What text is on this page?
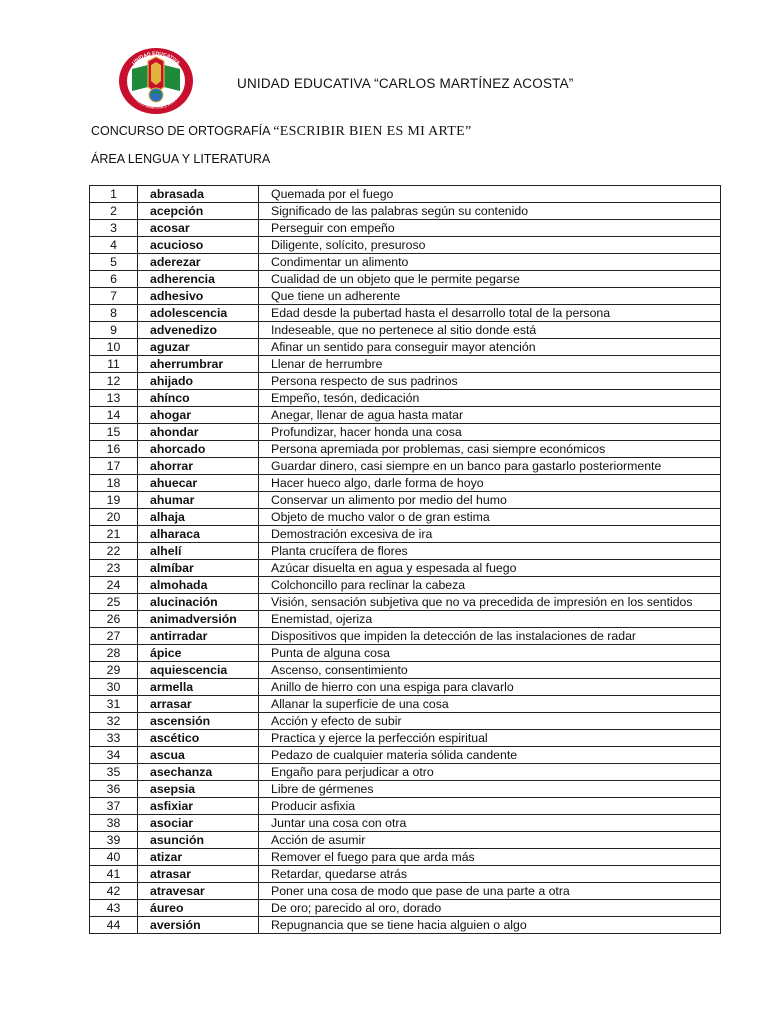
UNIDAD EDUCATIVA
CARLOS MARTÍNEZ ACOSTA
UNIDAD EDUCATIVA “CARLOS MARTÍNEZ ACOSTA”
CONCURSO DE ORTOGRAFÍA “ESCRIBIR BIEN ES MI ARTE”
ÁREA LENGUA Y LITERATURA
1	abrasada	Quemada por el fuego
2	acepción	Significado de las palabras según su contenido
3	acosar	Perseguir con empeño
4	acucioso	Diligente, solícito, presuroso
5	aderezar	Condimentar un alimento
6	adherencia	Cualidad de un objeto que le permite pegarse
7	adhesivo	Que tiene un adherente
8	adolescencia	Edad desde la pubertad hasta el desarrollo total de la persona
9	advenedizo	Indeseable, que no pertenece al sitio donde está
10	aguzar	Afinar un sentido para conseguir mayor atención
11	aherrumbrar	Llenar de herrumbre
12	ahijado	Persona respecto de sus padrinos
13	ahínco	Empeño, tesón, dedicación
14	ahogar	Anegar, llenar de agua hasta matar
15	ahondar	Profundizar, hacer honda una cosa
16	ahorcado	Persona apremiada por problemas, casi siempre económicos
17	ahorrar	Guardar dinero, casi siempre en un banco para gastarlo posteriormente
18	ahuecar	Hacer hueco algo, darle forma de hoyo
19	ahumar	Conservar un alimento por medio del humo
20	alhaja	Objeto de mucho valor o de gran estima
21	alharaca	Demostración excesiva de ira
22	alhelí	Planta crucífera de flores
23	almíbar	Azúcar disuelta en agua y espesada al fuego
24	almohada	Colchoncillo para reclinar la cabeza
25	alucinación	Visión, sensación subjetiva que no va precedida de impresión en los sentidos
26	animadversión	Enemistad, ojeriza
27	antirradar	Dispositivos que impiden la detección de las instalaciones de radar
28	ápice	Punta de alguna cosa
29	aquiescencia	Ascenso, consentimiento
30	armella	Anillo de hierro con una espiga para clavarlo
31	arrasar	Allanar la superficie de una cosa
32	ascensión	Acción y efecto de subir
33	ascético	Practica y ejerce la perfección espiritual
34	ascua	Pedazo de cualquier materia sólida candente
35	asechanza	Engaño para perjudicar a otro
36	asepsia	Libre de gérmenes
37	asfixiar	Producir asfixia
38	asociar	Juntar una cosa con otra
39	asunción	Acción de asumir
40	atizar	Remover el fuego para que arda más
41	atrasar	Retardar, quedarse atrás
42	atravesar	Poner una cosa de modo que pase de una parte a otra
43	áureo	De oro; parecido al oro, dorado
44	aversión	Repugnancia que se tiene hacia alguien o algo
